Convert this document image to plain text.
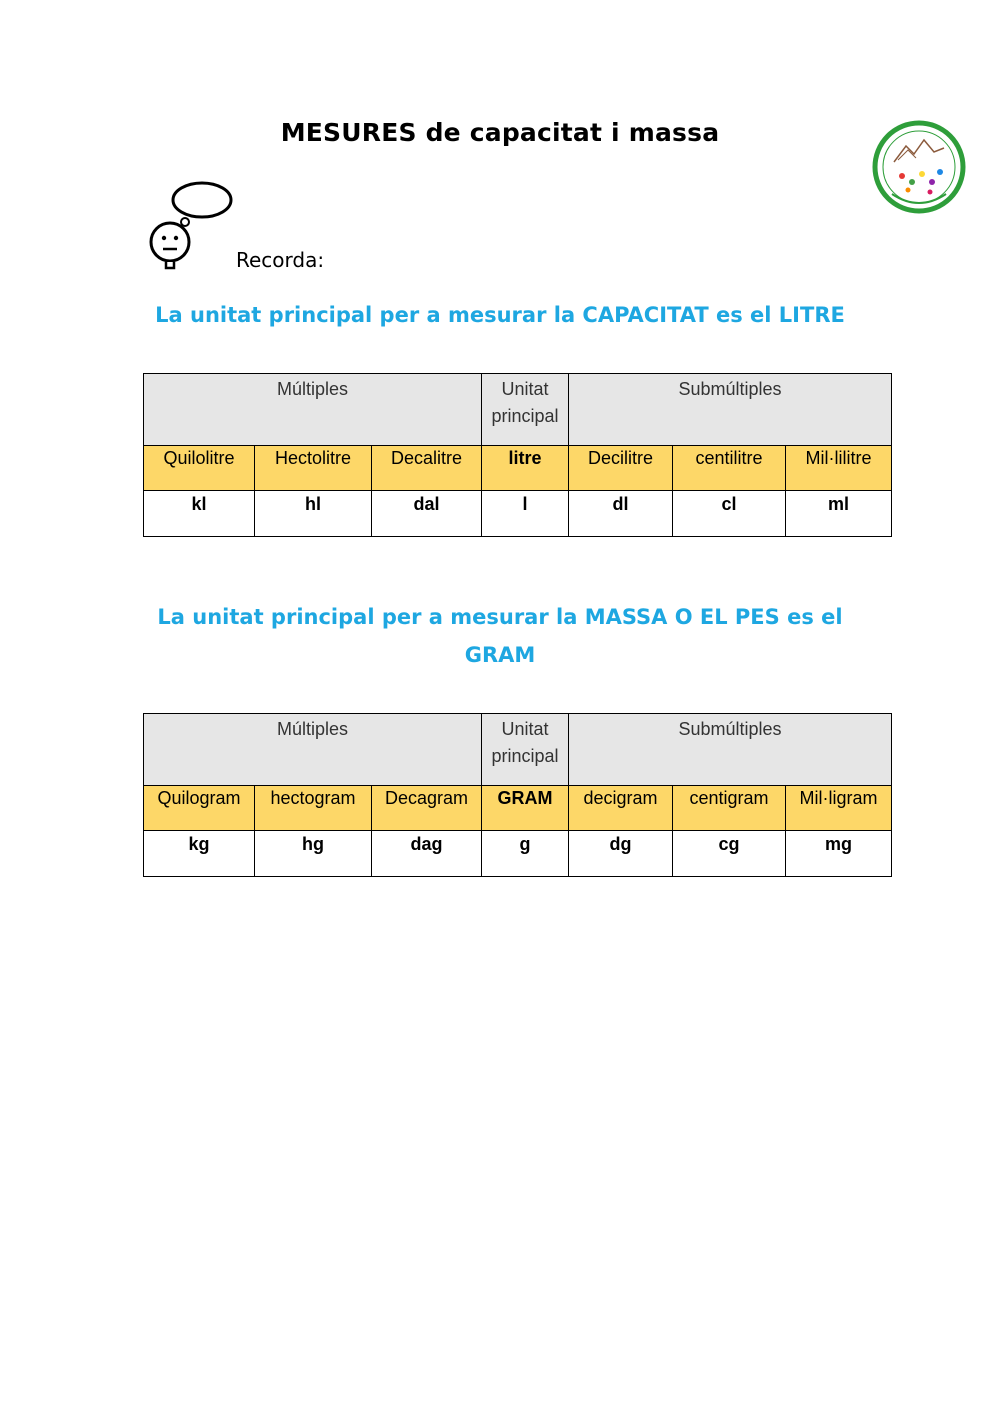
MESURES de capacitat i massa
Recorda:
La unitat principal per a mesurar la CAPACITAT es el LITRE
Múltiples			Unitat principal	Submúltiples		
Quilolitre	Hectolitre	Decalitre	litre	Decilitre	centilitre	Mil·lilitre
kl	hl	dal	l	dl	cl	ml
La unitat principal per a mesurar la MASSA O EL PES es el GRAM
Múltiples			Unitat principal	Submúltiples		
Quilogram	hectogram	Decagram	GRAM	decigram	centigram	Mil·ligram
kg	hg	dag	g	dg	cg	mg
